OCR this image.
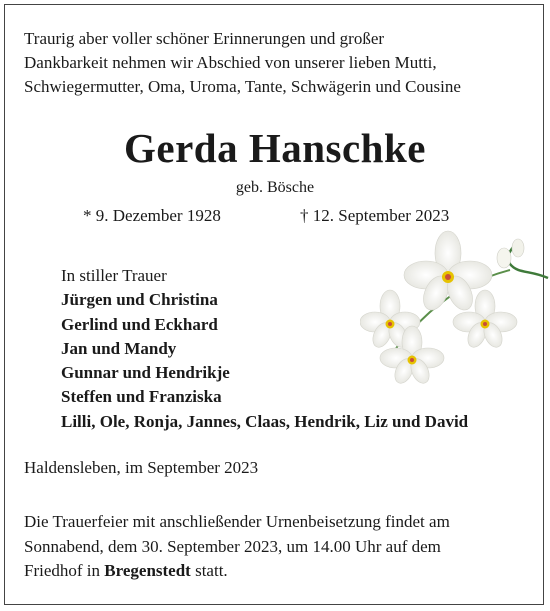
Traurig aber voller schöner Erinnerungen und großer
Dankbarkeit nehmen wir Abschied von unserer lieben Mutti,
Schwiegermutter, Oma, Uroma, Tante, Schwägerin und Cousine
Gerda Hanschke
geb. Bösche
* 9. Dezember 1928	† 12. September 2023
In stiller Trauer
Jürgen und Christina
Gerlind und Eckhard
Jan und Mandy
Gunnar und Hendrikje
Steffen und Franziska
Lilli, Ole, Ronja, Jannes, Claas, Hendrik, Liz und David
Haldensleben, im September 2023
Die Trauerfeier mit anschließender Urnenbeisetzung findet am
Sonnabend, dem 30. September 2023, um 14.00 Uhr auf dem
Friedhof in Bregenstedt statt.
